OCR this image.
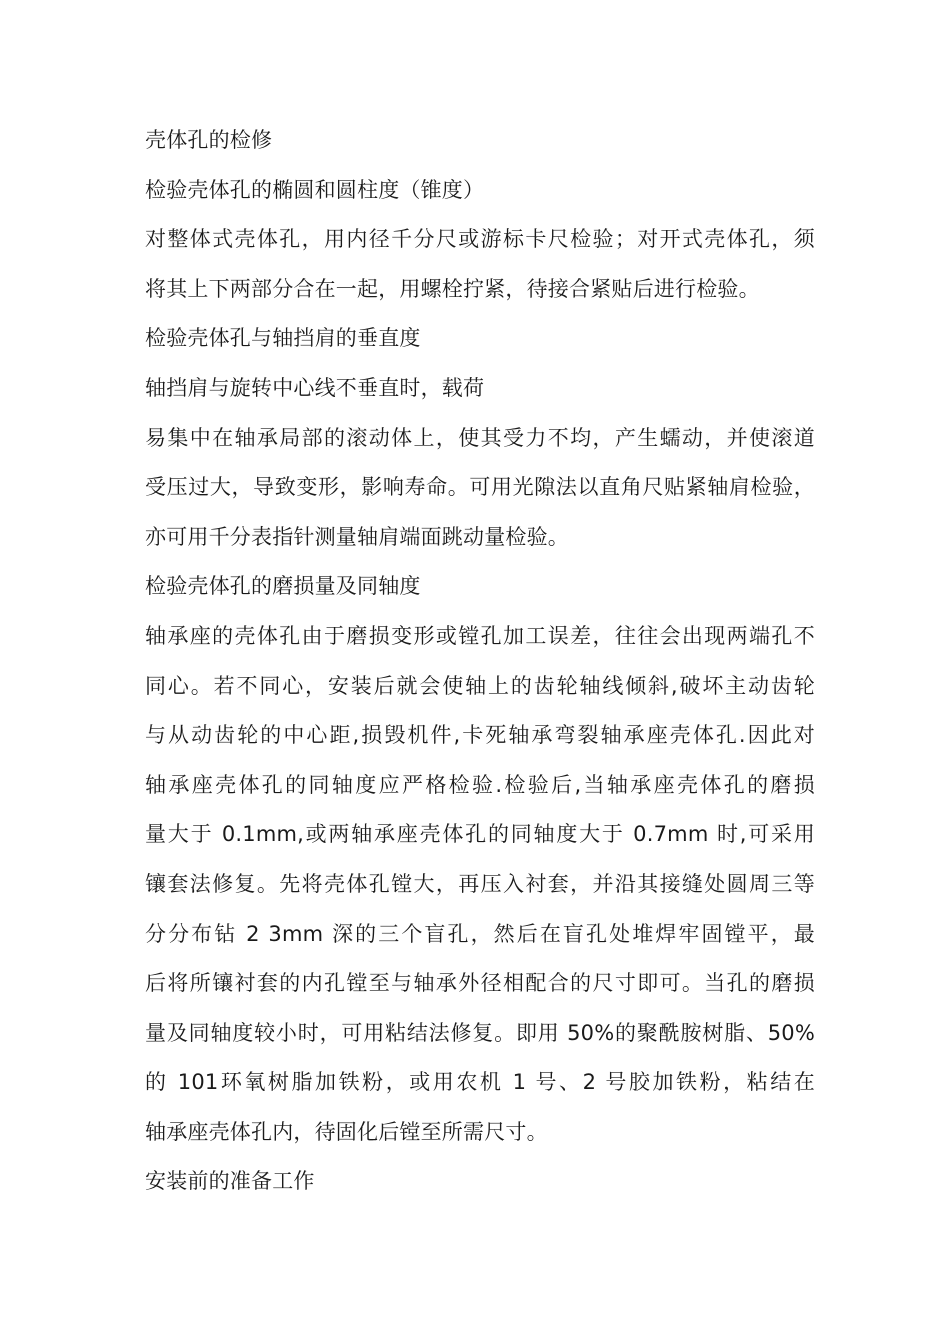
壳体孔的检修
检验壳体孔的椭圆和圆柱度（锥度）
对整体式壳体孔，用内径千分尺或游标卡尺检验；对开式壳体孔，须
将其上下两部分合在一起，用螺栓拧紧，待接合紧贴后进行检验。
检验壳体孔与轴挡肩的垂直度
轴挡肩与旋转中心线不垂直时，载荷
易集中在轴承局部的滚动体上，使其受力不均，产生蠕动，并使滚道
受压过大，导致变形，影响寿命。可用光隙法以直角尺贴紧轴肩检验，
亦可用千分表指针测量轴肩端面跳动量检验。
检验壳体孔的磨损量及同轴度
轴承座的壳体孔由于磨损变形或镗孔加工误差，往往会出现两端孔不
同心。若不同心，安装后就会使轴上的齿轮轴线倾斜,破坏主动齿轮
与从动齿轮的中心距,损毁机件,卡死轴承弯裂轴承座壳体孔.因此对
轴承座壳体孔的同轴度应严格检验.检验后,当轴承座壳体孔的磨损
量大于 0.1mm,或两轴承座壳体孔的同轴度大于 0.7mm 时,可采用
镶套法修复。先将壳体孔镗大，再压入衬套，并沿其接缝处圆周三等
分分布钻 2 3mm 深的三个盲孔，然后在盲孔处堆焊牢固镗平，最
后将所镶衬套的内孔镗至与轴承外径相配合的尺寸即可。当孔的磨损
量及同轴度较小时，可用粘结法修复。即用 50%的聚酰胺树脂、50%
的 101环氧树脂加铁粉，或用农机 1 号、2 号胶加铁粉，粘结在
轴承座壳体孔内，待固化后镗至所需尺寸。
安装前的准备工作
